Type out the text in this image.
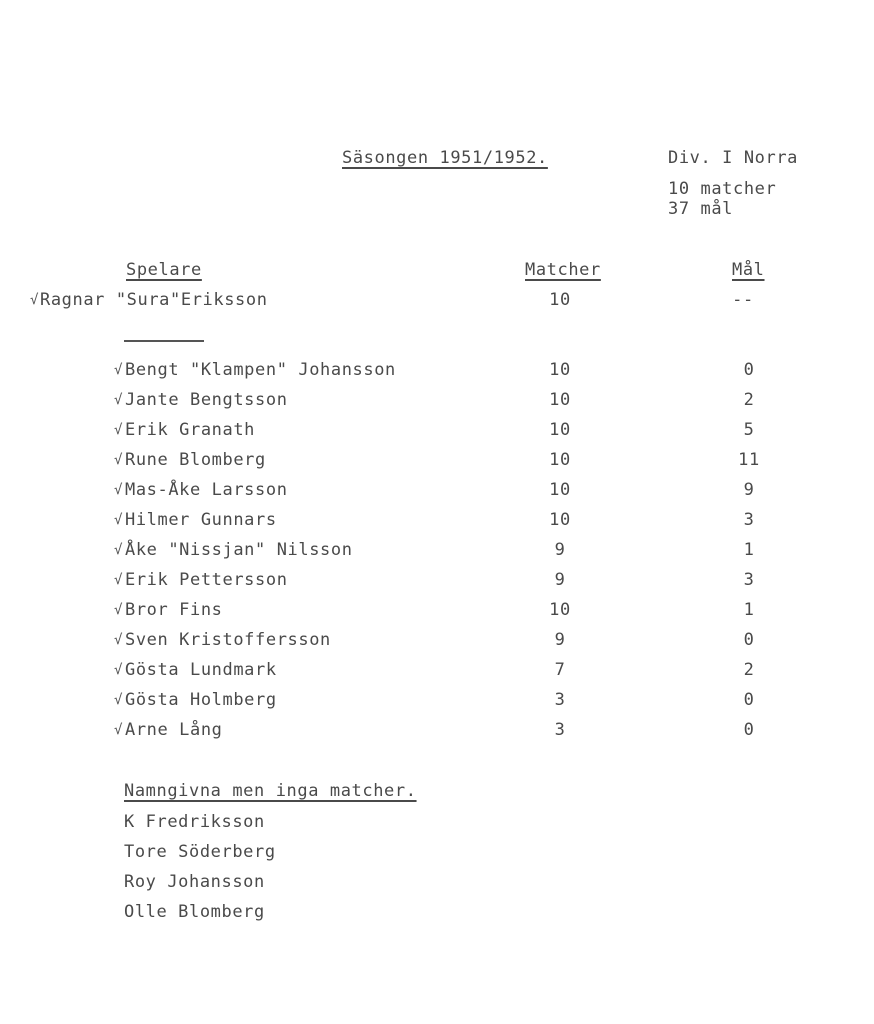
Säsongen 1951/1952.	Div. I Norra
10 matcher
37 mål
Spelare	Matcher	Mål
√ Ragnar "Sura"Eriksson	10	--
√ Bengt "Klampen" Johansson	10	0
√ Jante Bengtsson	10	2
√ Erik Granath	10	5
√ Rune Blomberg	10	11
√ Mas-Åke Larsson	10	9
√ Hilmer Gunnars	10	3
√ Åke "Nissjan" Nilsson	9	1
√ Erik Pettersson	9	3
√ Bror Fins	10	1
√ Sven Kristoffersson	9	0
√ Gösta Lundmark	7	2
√ Gösta Holmberg	3	0
√ Arne Lång	3	0
Namngivna men inga matcher.
K Fredriksson
Tore Söderberg
Roy Johansson
Olle Blomberg
